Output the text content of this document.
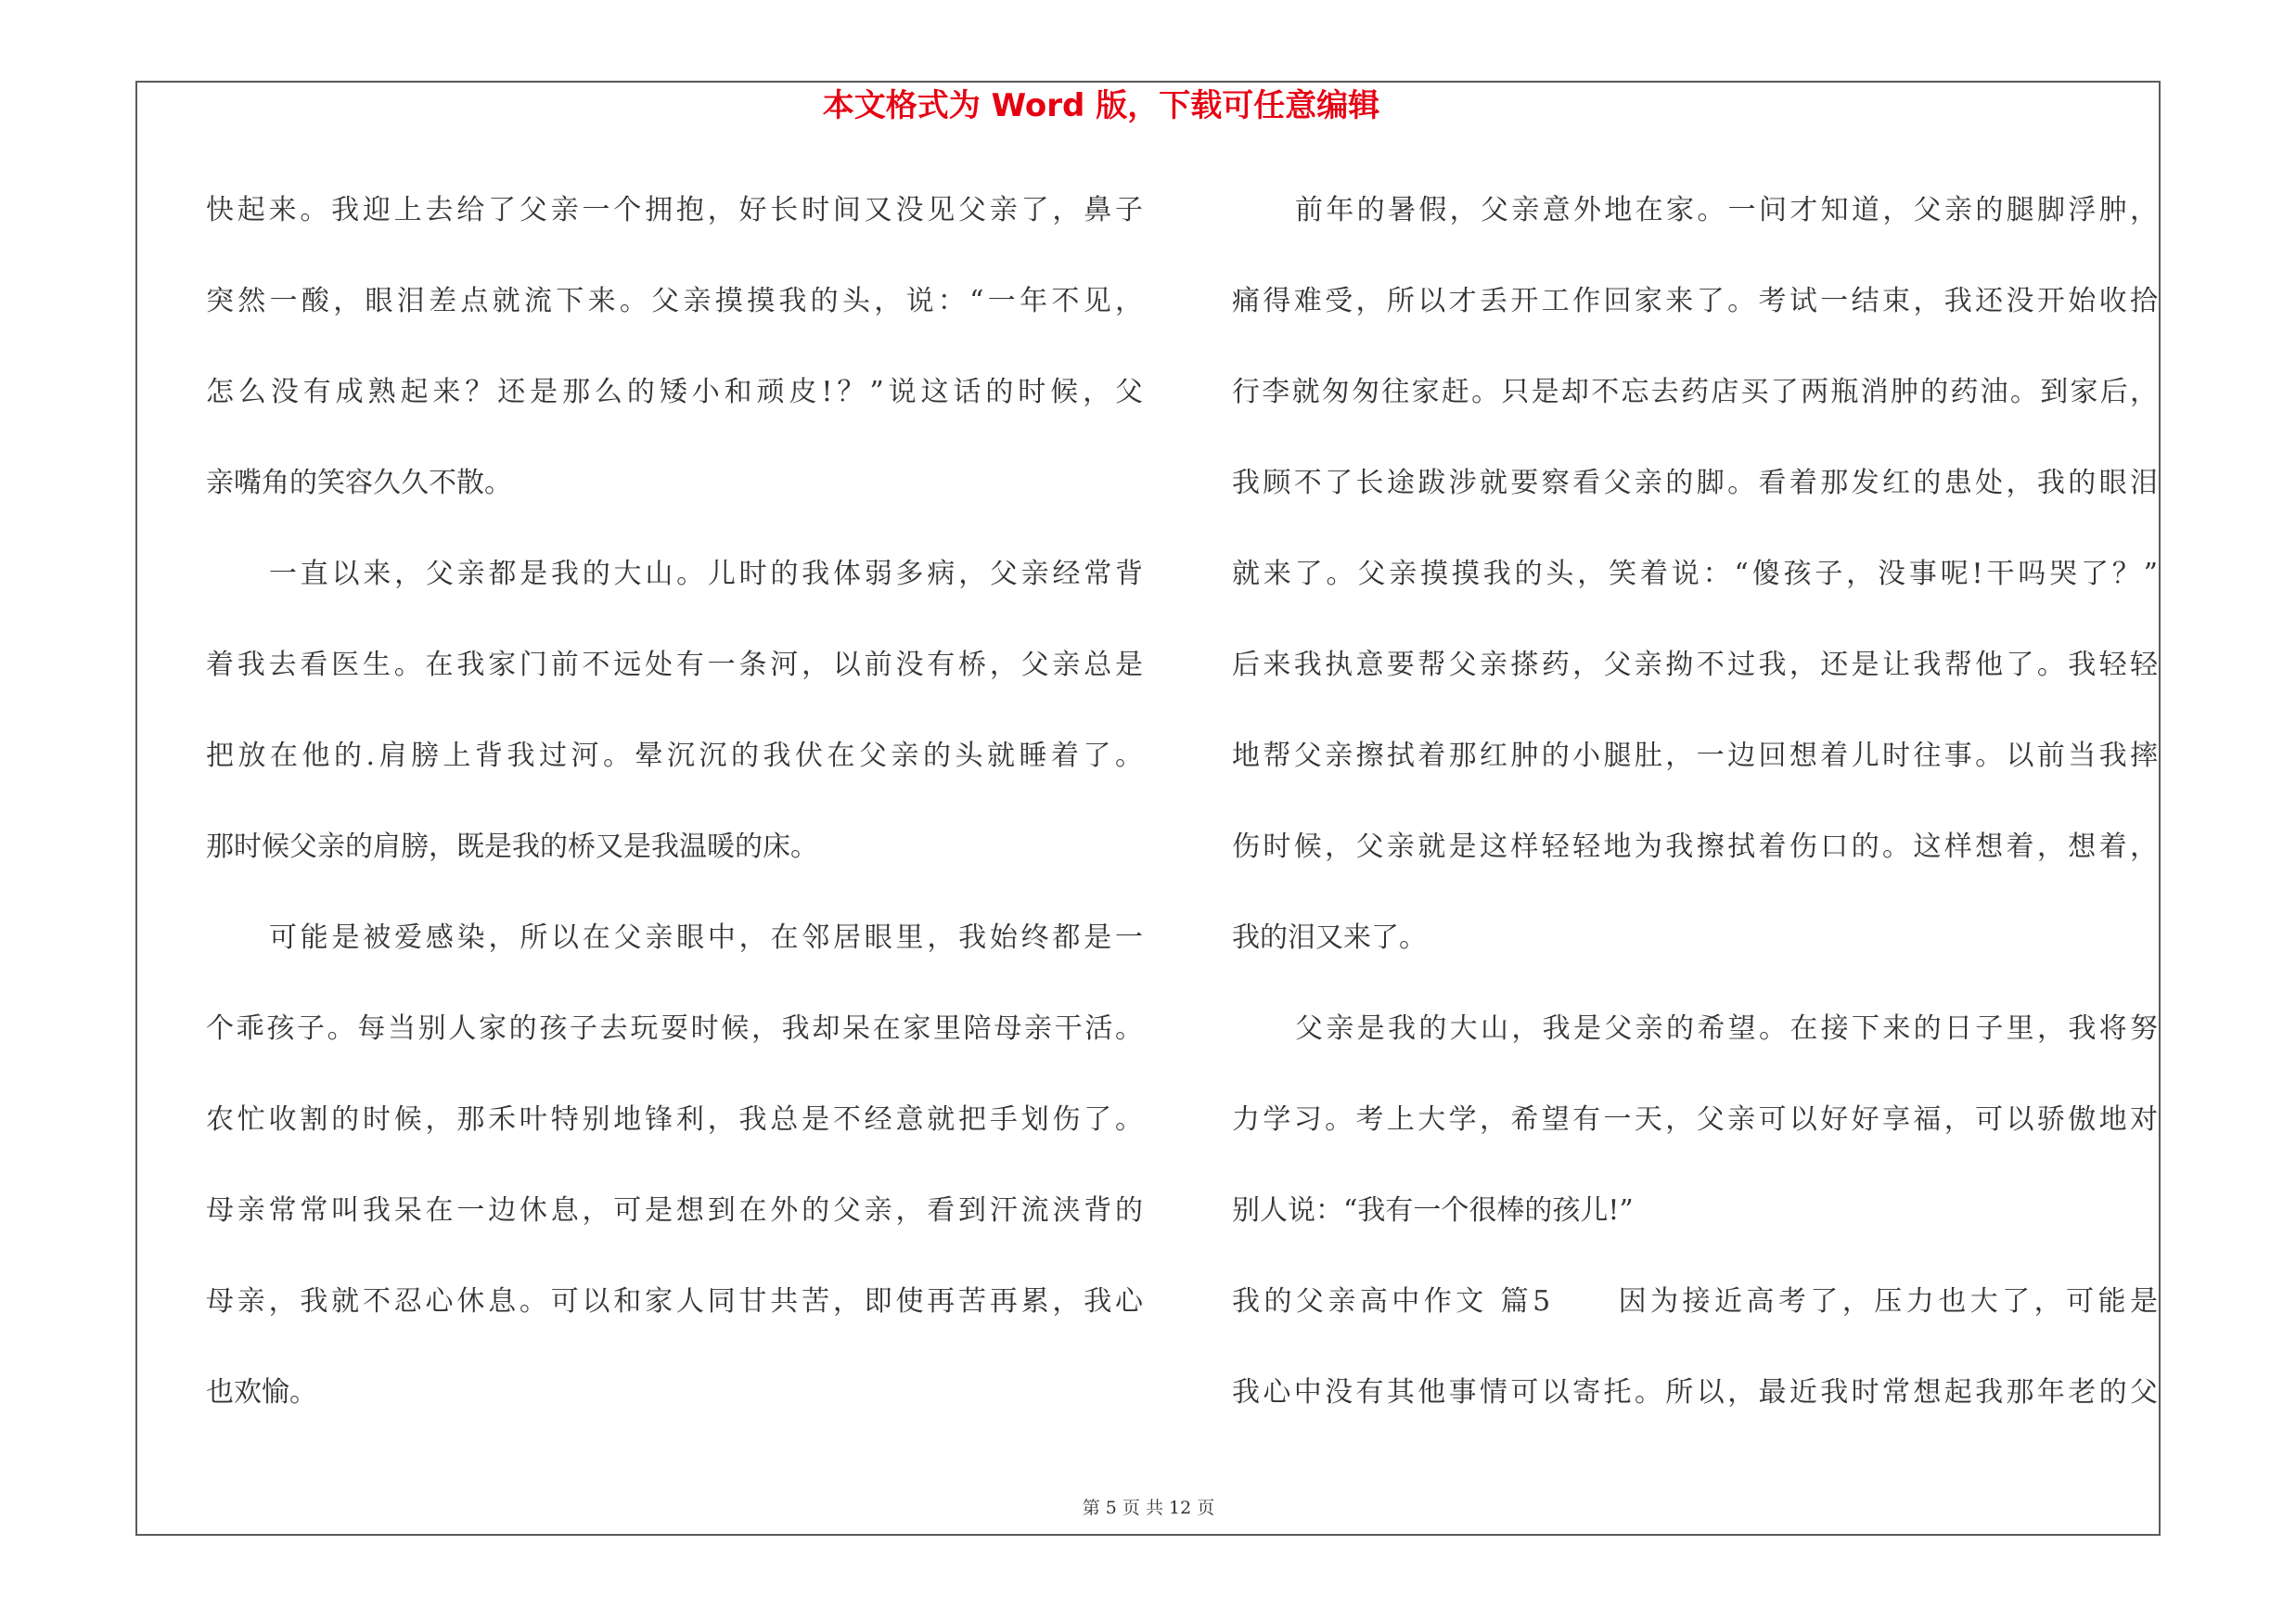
本文格式为 Word 版，下载可任意编辑
快起来。我迎上去给了父亲一个拥抱，好长时间又没见父亲了，鼻子
突然一酸，眼泪差点就流下来。父亲摸摸我的头，说：“一年不见，
怎么没有成熟起来？还是那么的矮小和顽皮!？”说这话的时候，父
亲嘴角的笑容久久不散。
一直以来，父亲都是我的大山。儿时的我体弱多病，父亲经常背
着我去看医生。在我家门前不远处有一条河，以前没有桥，父亲总是
把放在他的.肩膀上背我过河。晕沉沉的我伏在父亲的头就睡着了。
那时候父亲的肩膀，既是我的桥又是我温暖的床。
可能是被爱感染，所以在父亲眼中，在邻居眼里，我始终都是一
个乖孩子。每当别人家的孩子去玩耍时候，我却呆在家里陪母亲干活。
农忙收割的时候，那禾叶特别地锋利，我总是不经意就把手划伤了。
母亲常常叫我呆在一边休息，可是想到在外的父亲，看到汗流浃背的
母亲，我就不忍心休息。可以和家人同甘共苦，即使再苦再累，我心
也欢愉。
前年的暑假，父亲意外地在家。一问才知道，父亲的腿脚浮肿，
痛得难受，所以才丢开工作回家来了。考试一结束，我还没开始收拾
行李就匆匆往家赶。只是却不忘去药店买了两瓶消肿的药油。到家后，
我顾不了长途跋涉就要察看父亲的脚。看着那发红的患处，我的眼泪
就来了。父亲摸摸我的头，笑着说：“傻孩子，没事呢!干吗哭了？”
后来我执意要帮父亲搽药，父亲拗不过我，还是让我帮他了。我轻轻
地帮父亲擦拭着那红肿的小腿肚，一边回想着儿时往事。以前当我摔
伤时候，父亲就是这样轻轻地为我擦拭着伤口的。这样想着，想着，
我的泪又来了。
父亲是我的大山，我是父亲的希望。在接下来的日子里，我将努
力学习。考上大学，希望有一天，父亲可以好好享福，可以骄傲地对
别人说：“我有一个很棒的孩儿!”
我的父亲高中作文 篇5　　因为接近高考了，压力也大了，可能是
我心中没有其他事情可以寄托。所以，最近我时常想起我那年老的父
第 5 页 共 12 页
